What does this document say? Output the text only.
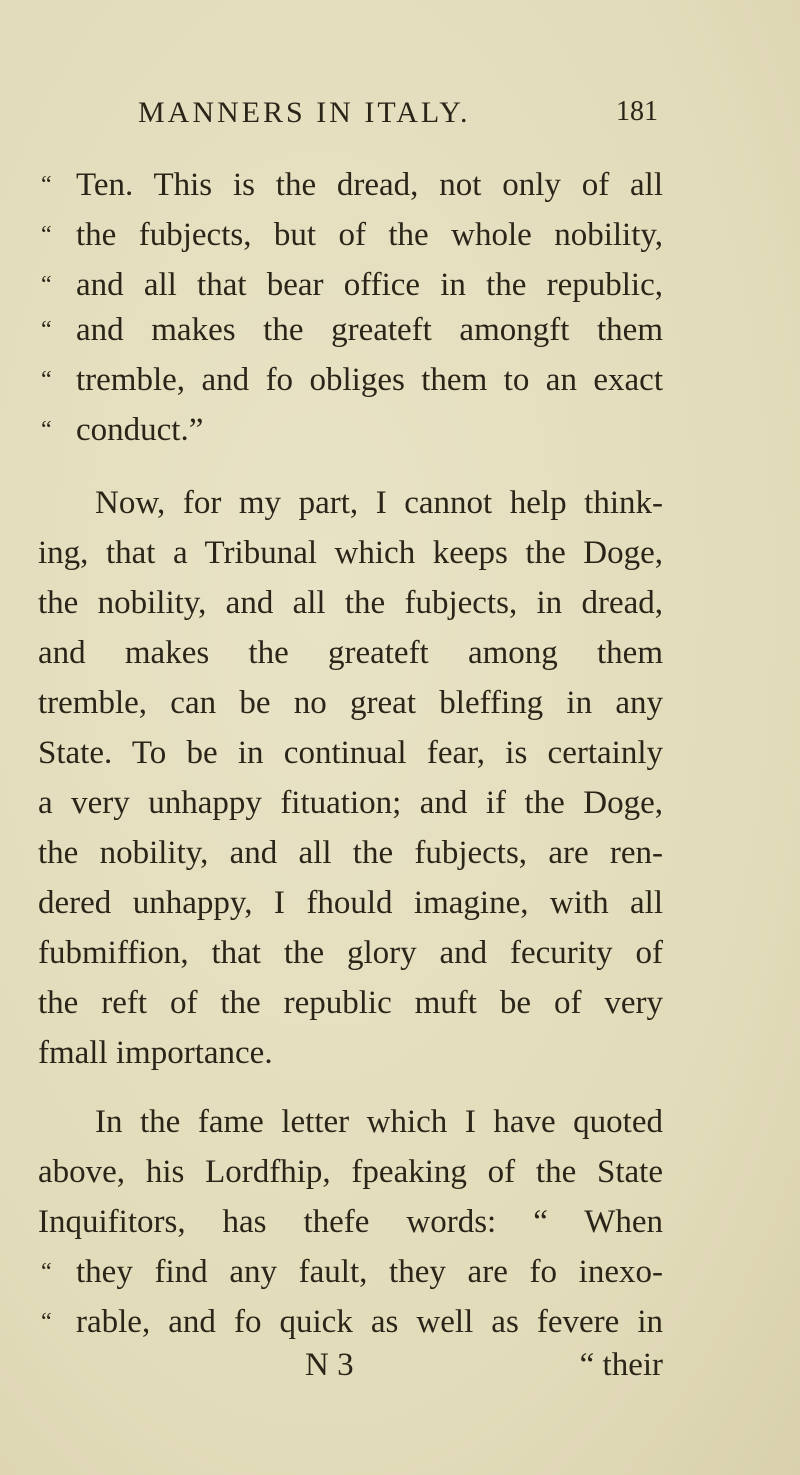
MANNERS IN ITALY.	181
“ Ten. This is the dread, not only of all
“ the fubjects, but of the whole nobility,
“ and all that bear office in the republic,
“ and makes the greateft amongft them
“ tremble, and fo obliges them to an exact
“ conduct.”
Now, for my part, I cannot help think-
ing, that a Tribunal which keeps the Doge,
the nobility, and all the fubjects, in dread,
and makes the greateft among them
tremble, can be no great bleffing in any
State. To be in continual fear, is certainly
a very unhappy fituation; and if the Doge,
the nobility, and all the fubjects, are ren-
dered unhappy, I fhould imagine, with all
fubmiffion, that the glory and fecurity of
the reft of the republic muft be of very
fmall importance.
In the fame letter which I have quoted
above, his Lordfhip, fpeaking of the State
Inquifitors, has thefe words: “ When
“ they find any fault, they are fo inexo-
“ rable, and fo quick as well as fevere in
N 3	“ their
